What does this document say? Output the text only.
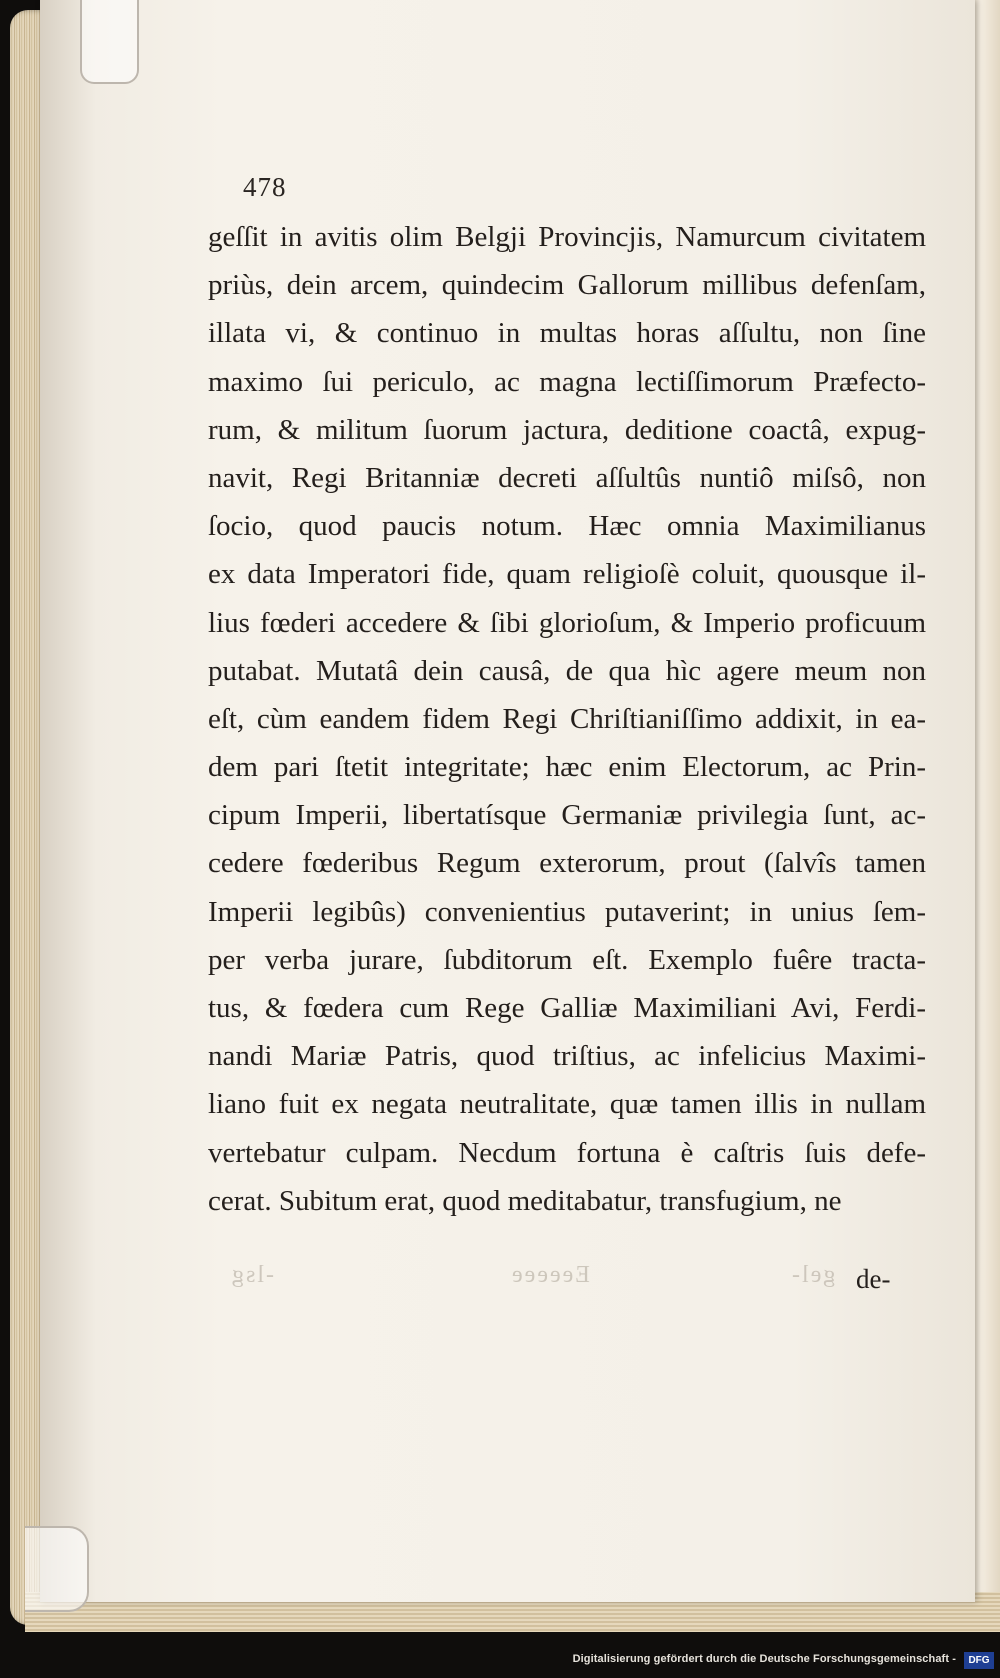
478
geſſit in avitis olim Belgji Provincjis, Namurcum civitatem
priùs, dein arcem, quindecim Gallorum millibus defenſam,
illata vi, & continuo in multas horas aſſultu, non ſine
maximo ſui periculo, ac magna lectiſſimorum Præfecto-
rum, & militum ſuorum jactura, deditione coactâ, expug-
navit, Regi Britanniæ decreti aſſultûs nuntiô miſsô, non
ſocio, quod paucis notum. Hæc omnia Maximilianus
ex data Imperatori fide, quam religioſè coluit, quousque il-
lius fœderi accedere & ſibi glorioſum, & Imperio proficuum
putabat. Mutatâ dein causâ, de qua hìc agere meum non
eſt, cùm eandem fidem Regi Chriſtianiſſimo addixit, in ea-
dem pari ſtetit integritate; hæc enim Electorum, ac Prin-
cipum Imperii, libertatísque Germaniæ privilegia ſunt, ac-
cedere fœderibus Regum exterorum, prout (ſalvîs tamen
Imperii legibûs) convenientius putaverint; in unius ſem-
per verba jurare, ſubditorum eſt. Exemplo fuêre tracta-
tus, & fœdera cum Rege Galliæ Maximiliani Avi, Ferdi-
nandi Mariæ Patris, quod triſtius, ac infelicius Maximi-
liano fuit ex negata neutralitate, quæ tamen illis in nullam
vertebatur culpam. Necdum fortuna è caſtris ſuis defe-
cerat. Subitum erat, quod meditabatur, transfugium, ne
-lsg	Eeeeee	gel- de-
Digitalisierung gefördert durch die Deutsche Forschungsgemeinschaft -	DFG
